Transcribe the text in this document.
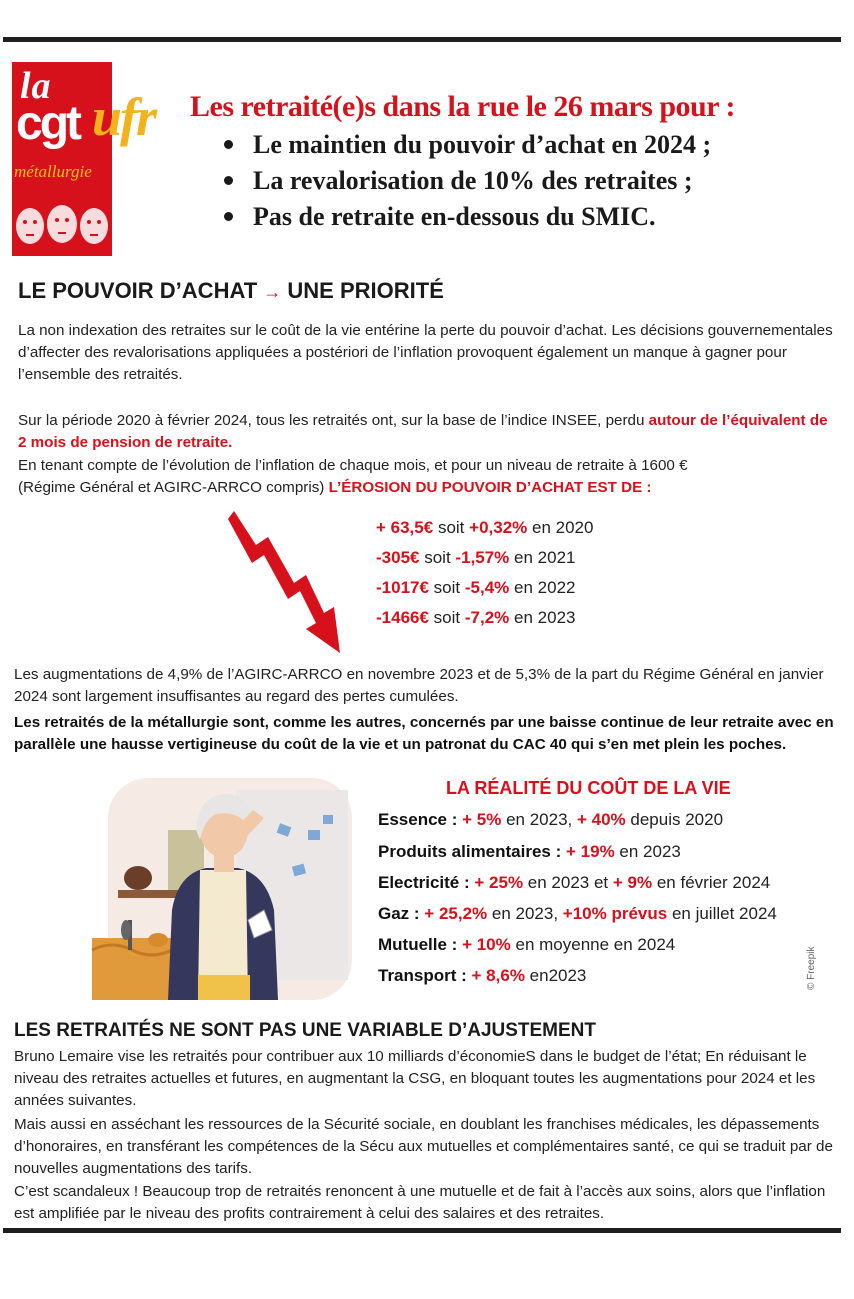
la
cgt
métallurgie
ufr Les retraité(e)s dans la rue le 26 mars pour :
Le maintien du pouvoir d’achat en 2024 ;
La revalorisation de 10% des retraites ;
Pas de retraite en-dessous du SMIC.
LE POUVOIR D’ACHAT → UNE PRIORITÉ
La non indexation des retraites sur le coût de la vie entérine la perte du pouvoir d’achat. Les décisions gouvernementales d’affecter des revalorisations appliquées a postériori de l’inflation provoquent également un manque à gagner pour l’ensemble des retraités.
Sur la période 2020 à février 2024, tous les retraités ont, sur la base de l’indice INSEE, perdu autour de l’équivalent de 2 mois de pension de retraite.
En tenant compte de l’évolution de l’inflation de chaque mois, et pour un niveau de retraite à 1600 € (Régime Général et AGIRC-ARRCO compris) L’ÉROSION DU POUVOIR D’ACHAT EST DE :
+ 63,5€ soit +0,32% en 2020
-305€ soit -1,57% en 2021
-1017€ soit -5,4% en 2022
-1466€ soit -7,2% en 2023
Les augmentations de 4,9% de l’AGIRC-ARRCO en novembre 2023 et de 5,3% de la part du Régime Général en janvier 2024 sont largement insuffisantes au regard des pertes cumulées.
Les retraités de la métallurgie sont, comme les autres, concernés par une baisse continue de leur retraite avec en parallèle une hausse vertigineuse du coût de la vie et un patronat du CAC 40 qui s’en met plein les poches.
LA RÉALITÉ DU COÛT DE LA VIE
Essence : + 5% en 2023, + 40% depuis 2020
Produits alimentaires : + 19% en 2023
Electricité : + 25% en 2023 et + 9% en février 2024
Gaz : + 25,2% en 2023, +10% prévus en juillet 2024
Mutuelle : + 10% en moyenne en 2024
Transport : + 8,6% en2023	© Freepik
LES RETRAITÉS NE SONT PAS UNE VARIABLE D’AJUSTEMENT
Bruno Lemaire vise les retraités pour contribuer aux 10 milliards d’économieS dans le budget de l’état; En réduisant le niveau des retraites actuelles et futures, en augmentant la CSG, en bloquant toutes les augmentations pour 2024 et les années suivantes.
Mais aussi en asséchant les ressources de la Sécurité sociale, en doublant les franchises médicales, les dépassements d’honoraires, en transférant les compétences de la Sécu aux mutuelles et complémentaires santé, ce qui se traduit par de nouvelles augmentations des tarifs.
C’est scandaleux ! Beaucoup trop de retraités renoncent à une mutuelle et de fait à l’accès aux soins, alors que l’inflation est amplifiée par le niveau des profits contrairement à celui des salaires et des retraites.
